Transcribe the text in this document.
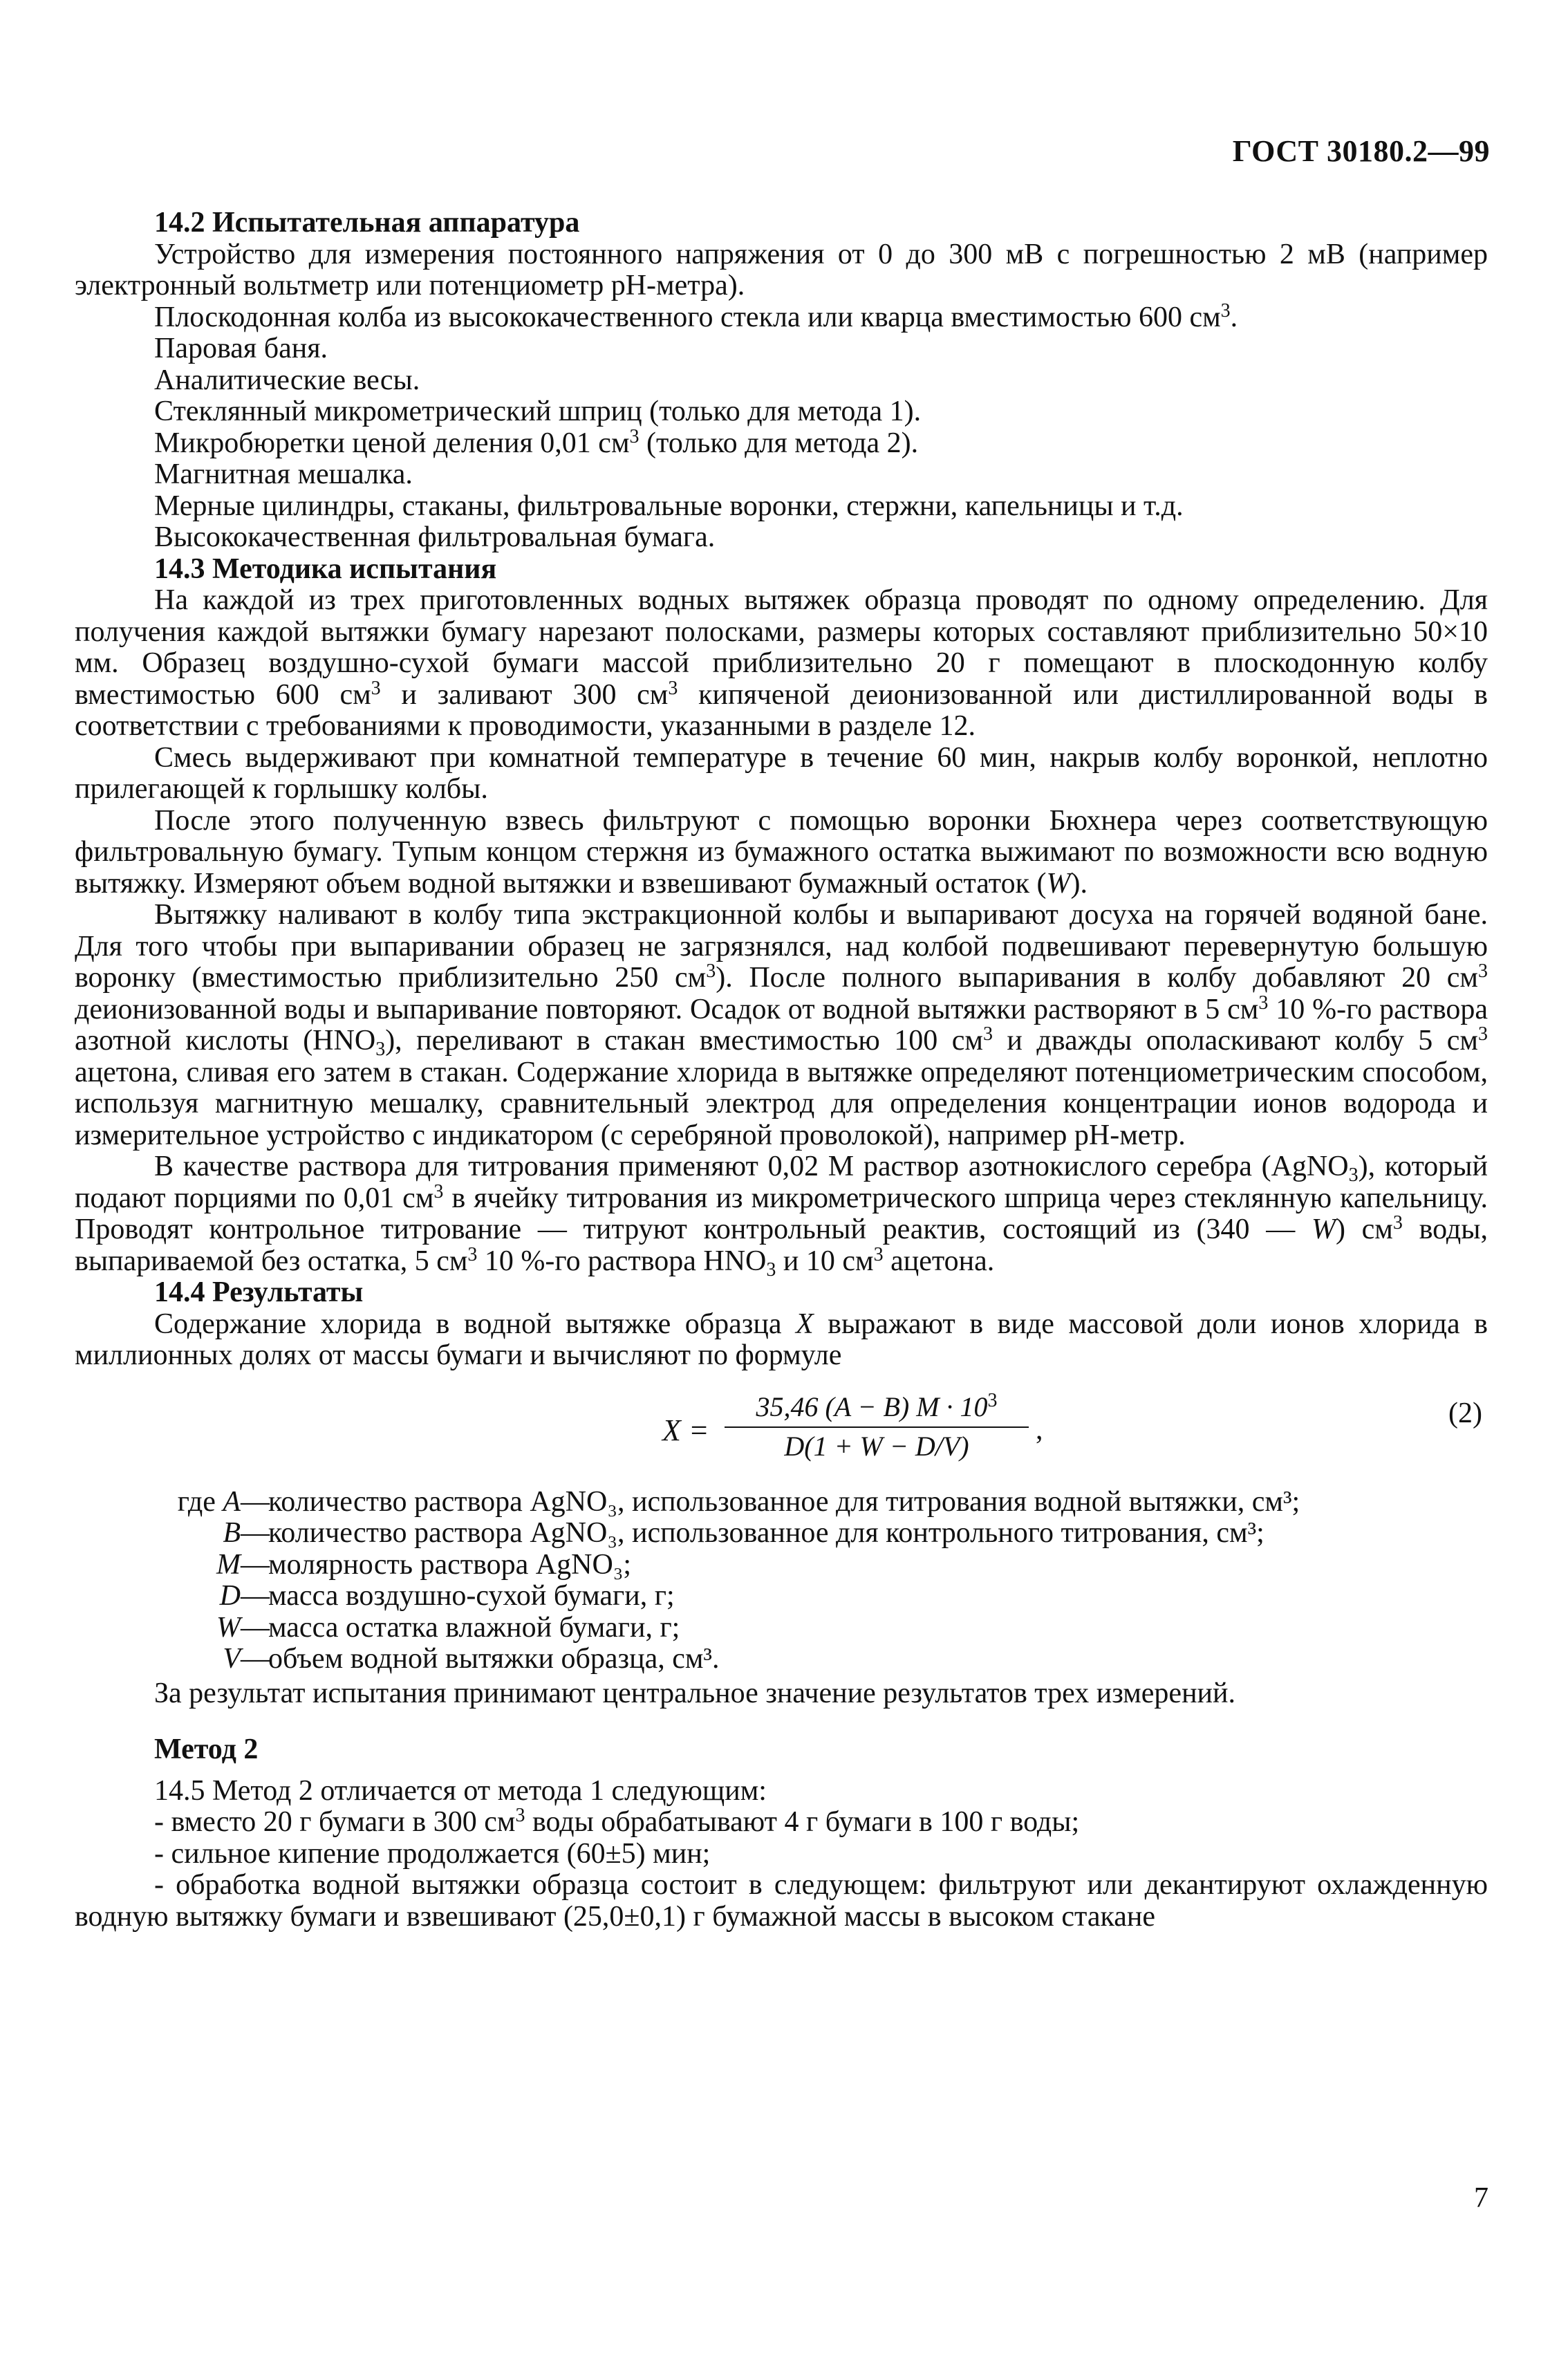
ГОСТ 30180.2—99

14.2 Испытательная аппаратура

Устройство для измерения постоянного напряжения от 0 до 300 мВ с погрешностью 2 мВ (например электронный вольтметр или потенциометр рН-метра).

Плоскодонная колба из высококачественного стекла или кварца вместимостью 600 $см^3$.

Паровая баня.

Аналитические весы.

Стеклянный микрометрический шприц (только для метода 1).

Микробюретки ценой деления 0,01 $см^3$ (только для метода 2).

Магнитная мешалка.

Мерные цилиндры, стаканы, фильтровальные воронки, стержни, капельницы и т.д.

Высококачественная фильтровальная бумага.

14.3 Методика испытания

На каждой из трех приготовленных водных вытяжек образца проводят по одному определению. Для получения каждой вытяжки бумагу нарезают полосками, размеры которых составляют приблизительно 50×10 мм. Образец воздушно-сухой бумаги массой приблизительно 20 г помещают в плоскодонную колбу вместимостью 600 $см^3$ и заливают 300 $см^3$ кипяченой деионизованной или дистиллированной воды в соответствии с требованиями к проводимости, указанными в разделе 12.

Смесь выдерживают при комнатной температуре в течение 60 мин, накрыв колбу воронкой, неплотно прилегающей к горлышку колбы.

После этого полученную взвесь фильтруют с помощью воронки Бюхнера через соответствующую фильтровальную бумагу. Тупым концом стержня из бумажного остатка выжимают по возможности всю водную вытяжку. Измеряют объем водной вытяжки и взвешивают бумажный остаток (W).

Вытяжку наливают в колбу типа экстракционной колбы и выпаривают досуха на горячей водяной бане. Для того чтобы при выпаривании образец не загрязнялся, над колбой подвешивают перевернутую большую воронку (вместимостью приблизительно 250 $см^3$). После полного выпаривания в колбу добавляют 20 $см^3$ деионизованной воды и выпаривание повторяют. Осадок от водной вытяжки растворяют в 5 $см^3$ 10 %-го раствора азотной кислоты $(HNO_3)$, переливают в стакан вместимостью 100 $см^3$ и дважды ополаскивают колбу 5 $см^3$ ацетона, сливая его затем в стакан. Содержание хлорида в вытяжке определяют потенциометрическим способом, используя магнитную мешалку, сравнительный электрод для определения концентрации ионов водорода и измерительное устройство с индикатором (с серебряной проволокой), например рН-метр.

В качестве раствора для титрования применяют 0,02 М раствор азотнокислого серебра (AgNO$_3$), который подают порциями по 0,01 $см^3$ в ячейку титрования из микрометрического шприца через стеклянную капельницу. Проводят контрольное титрование — титруют контрольный реактив, состоящий из (340 — W) $см^3$ воды, выпариваемой без остатка, 5 $см^3$ 10 %-го раствора $HNO_3$ и 10 $см^3$ ацетона.

14.4 Результаты

Содержание хлорида в водной вытяжке образца X выражают в виде массовой доли ионов хлорида в миллионных долях от массы бумаги и вычисляют по формуле

$X = \frac{35,46 (A - B) M \cdot 10^3}{D(1 + W - D/V)}$ ,
(2)
где A —
количество раствора AgNO₃, использованное для титрования водной вытяжки, см³;
B —
количество раствора AgNO₃, использованное для контрольного титрования, см³;
M —
молярность раствора AgNO₃;
D —
масса воздушно-сухой бумаги, г;
W —
масса остатка влажной бумаги, г;
V —
объем водной вытяжки образца, см³.

За результат испытания принимают центральное значение результатов трех измерений.

Метод 2

14.5 Метод 2 отличается от метода 1 следующим:

- вместо 20 г бумаги в 300 $см^3$ воды обрабатывают 4 г бумаги в 100 г воды;

- сильное кипение продолжается (60±5) мин;

- обработка водной вытяжки образца состоит в следующем: фильтруют или декантируют охлажденную водную вытяжку бумаги и взвешивают (25,0±0,1) г бумажной массы в высоком стакане

7
